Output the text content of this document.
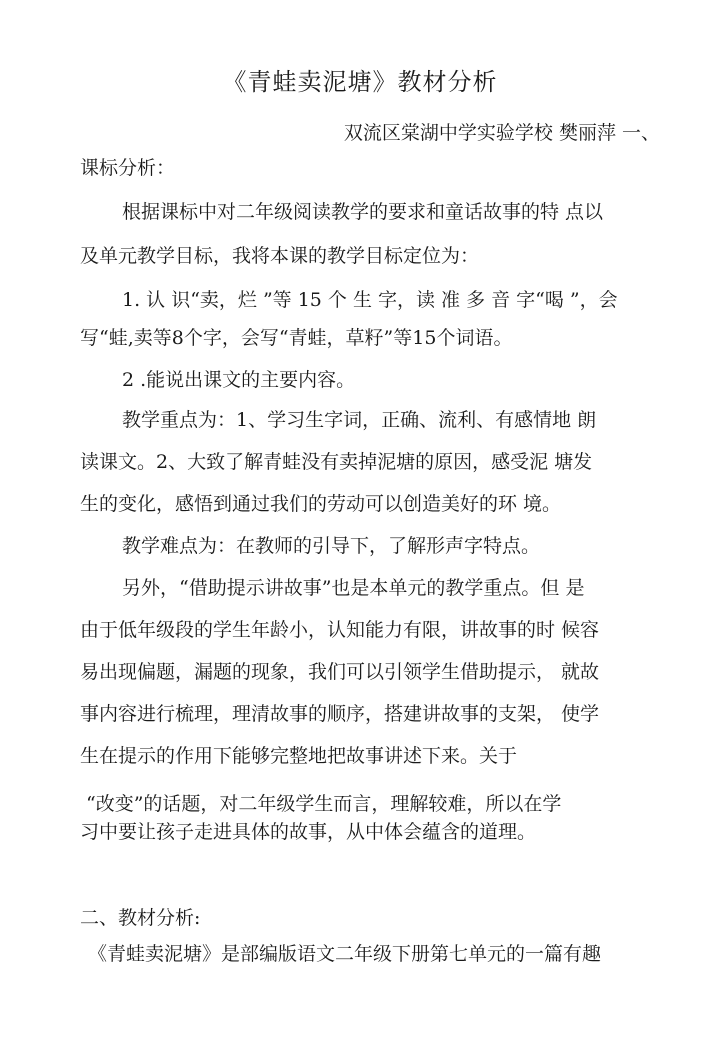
《青蛙卖泥塘》教材分析
双流区棠湖中学实验学校 樊丽萍 一、
课标分析：
根据课标中对二年级阅读教学的要求和童话故事的特 点以
及单元教学目标，我将本课的教学目标定位为：
1. 认 识“卖，烂 ”等 15 个 生 字，读 准 多 音 字“喝 ”，会
写“蛙,卖等8个字，会写“青蛙，草籽”等15个词语。
2 .能说出课文的主要内容。
教学重点为：1、学习生字词，正确、流利、有感情地 朗
读课文。2、大致了解青蛙没有卖掉泥塘的原因，感受泥 塘发
生的变化，感悟到通过我们的劳动可以创造美好的环 境。
教学难点为：在教师的引导下，了解形声字特点。
另外，“借助提示讲故事”也是本单元的教学重点。但 是
由于低年级段的学生年龄小，认知能力有限，讲故事的时 候容
易出现偏题，漏题的现象，我们可以引领学生借助提示， 就故
事内容进行梳理，理清故事的顺序，搭建讲故事的支架， 使学
生在提示的作用下能够完整地把故事讲述下来。关于
“改变”的话题，对二年级学生而言，理解较难，所以在学
习中要让孩子走进具体的故事，从中体会蕴含的道理。
二、教材分析:
《青蛙卖泥塘》是部编版语文二年级下册第七单元的一篇有趣
